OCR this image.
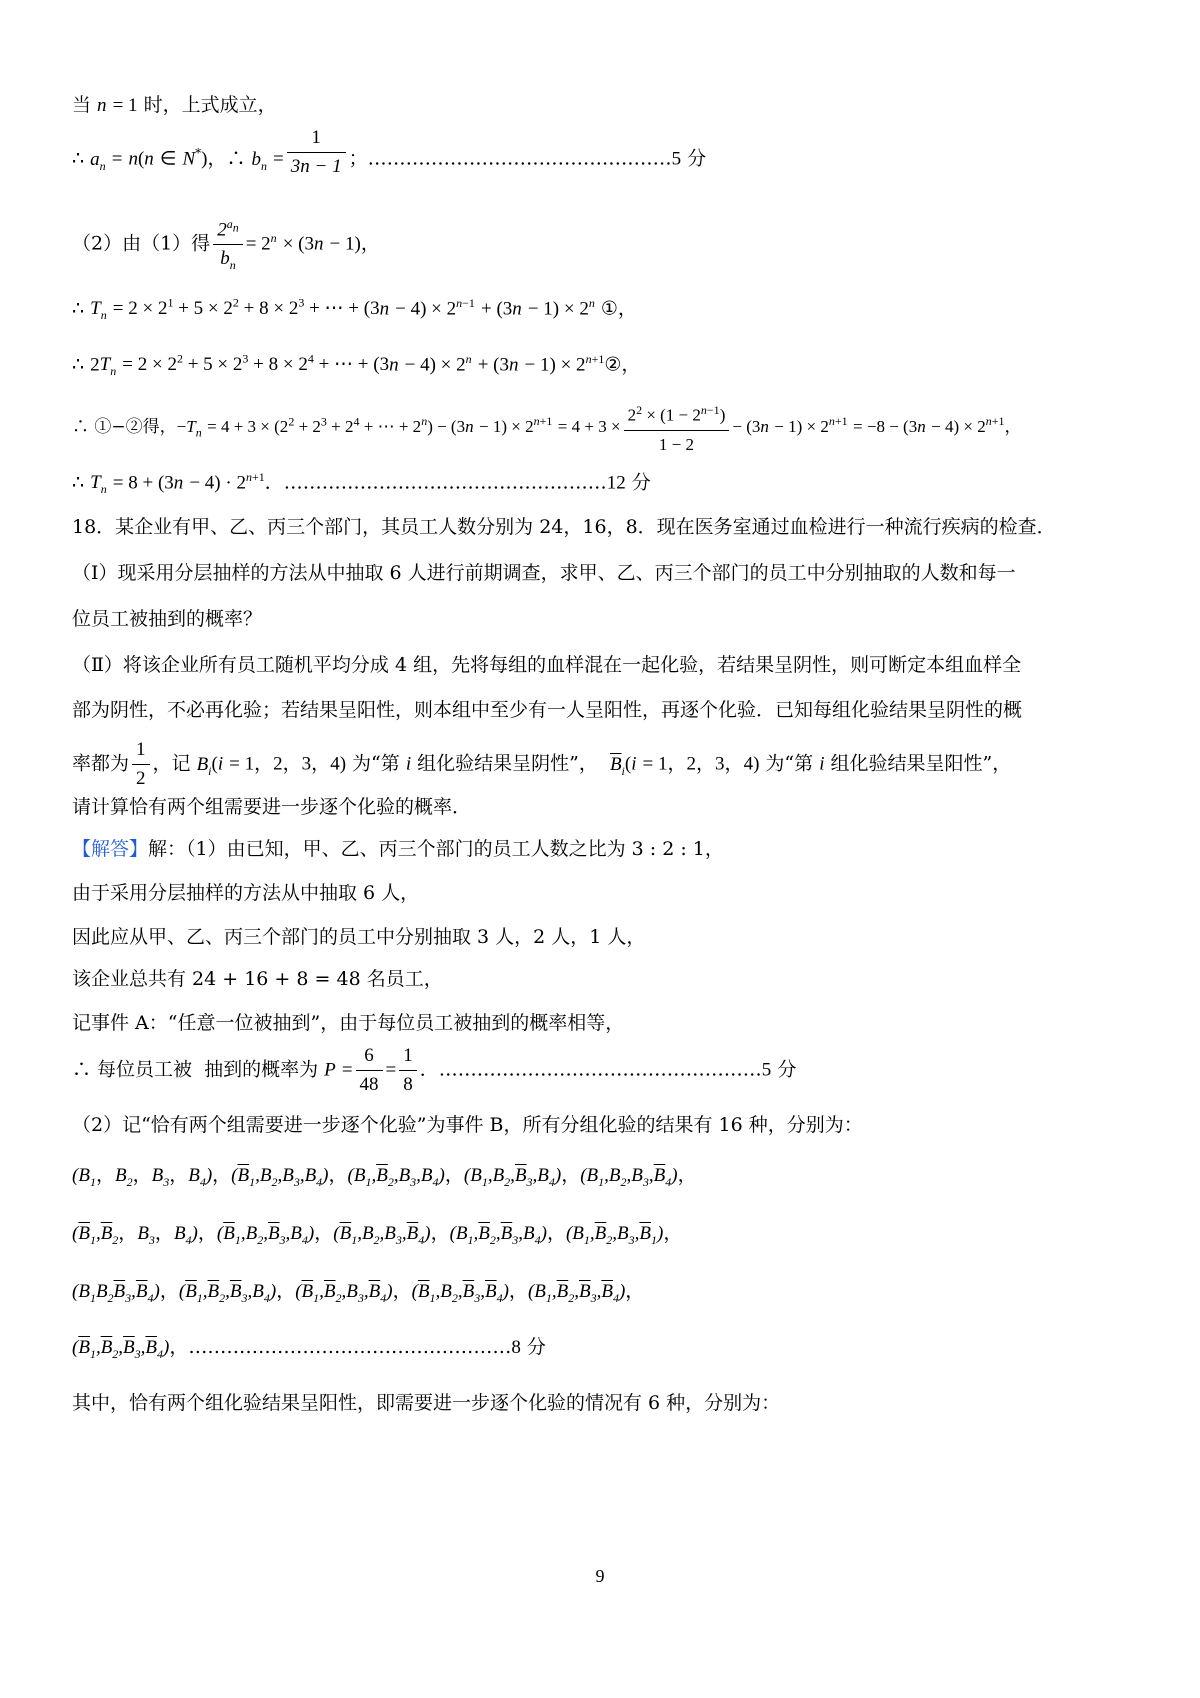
当 n = 1 时，上式成立，
∴ $a_n = n(n$ ∈ N*)，∴ $b_n = \frac{1}{3n - 1}$ ；…………………………………………5 分
（2）由（1）得 $\frac{2^{a_n}}{b_n} = 2^n \times (3n - 1)$，
∴ $T_n = 2 \times 2^1 + 5 \times 2^2 + 8 \times 2^3$ + ⋯ + $(3n - 4) \times 2^{n-1} + (3n - 1) \times 2^n$ ①，
∴ $2T_n = 2 \times 2^2 + 5 \times 2^3 + 8 \times 2^4$ + ⋯ + $(3n - 4) \times 2^n + (3n - 1)$ × $2^{n+1}②$，
∴ ①−②得，$-T_n = 4 + 3 \times (2^2 + 2^3 + 2^4$ + ⋯ + $2^n) - (3n - 1) \times 2^{n+1} = 4 + 3 \times \frac{2^2 \times (1 - 2^{n-1})}{1 - 2} - (3n - 1) \times 2^{n+1} = -8 - (3n - 4) \times 2^{n+1}$，
∴ $T_n = 8 + (3n - 4) \cdot 2^{n+1}$．……………………………………………12 分
18．某企业有甲、乙、丙三个部门，其员工人数分别为 24，16，8．现在医务室通过血检进行一种流行疾病的检查．
（Ⅰ）现采用分层抽样的方法从中抽取 6 人进行前期调查，求甲、乙、丙三个部门的员工中分别抽取的人数和每一
位员工被抽到的概率？
（Ⅱ）将该企业所有员工随机平均分成 4 组，先将每组的血样混在一起化验，若结果呈阴性，则可断定本组血样全
部为阴性，不必再化验；若结果呈阳性，则本组中至少有一人呈阳性，再逐个化验．已知每组化验结果呈阴性的概
率都为 $\frac{1}{2}$ ，记 $B_i(i = 1$，2，3，4) 为“第 i 组化验结果呈阴性”，  $\overline{B}_i(i = 1$，2，3，4) 为“第 i 组化验结果呈阳性”，
请计算恰有两个组需要进一步逐个化验的概率．
【解答】解：（1）由已知，甲、乙、丙三个部门的员工人数之比为 3 : 2 : 1，
由于采用分层抽样的方法从中抽取 6 人，
因此应从甲、乙、丙三个部门的员工中分别抽取 3 人，2 人，1 人，
该企业总共有 24 + 16 + 8 = 48 名员工，
记事件 A：“任意一位被抽到”，由于每位员工被抽到的概率相等，
∴ 每位员工被  抽到的概率为 $P = \frac{6}{48} = \frac{1}{8}$ ．……………………………………………5 分
（2）记“恰有两个组需要进一步逐个化验”为事件 B，所有分组化验的结果有 16 种，分别为：
($B_1$，$B_2$，$B_3$，$B_4$)，$(\overline{B}_1,B_2,B_3,B_4)$，$(B_1,\overline{B}_2,B_3,B_4)$，$(B_1,B_2,\overline{B}_3,B_4)$，$(B_1,B_2,B_3,\overline{B}_4)$，
($\overline{B}_1,\overline{B}_2$，$B_3$，$B_4$)，$(\overline{B}_1,B_2,\overline{B}_3,B_4)$，$(\overline{B}_1,B_2,B_3,\overline{B}_4)$，$(B_1,\overline{B}_2,\overline{B}_3,B_4)$，$(B_1,\overline{B}_2,B_3,\overline{B}_1)$，
$(B_1B_2\overline{B}_3,\overline{B}_4)$，$(\overline{B}_1,\overline{B}_2,\overline{B}_3,B_4)$，$(\overline{B}_1,\overline{B}_2,B_3,\overline{B}_4)$，$(\overline{B}_1,B_2,\overline{B}_3,\overline{B}_4)$，$(B_1,\overline{B}_2,\overline{B}_3,\overline{B}_4)$，
$(\overline{B}_1,\overline{B}_2,\overline{B}_3,\overline{B}_4)$，……………………………………………8 分
其中，恰有两个组化验结果呈阳性，即需要进一步逐个化验的情况有 6 种，分别为：
9
